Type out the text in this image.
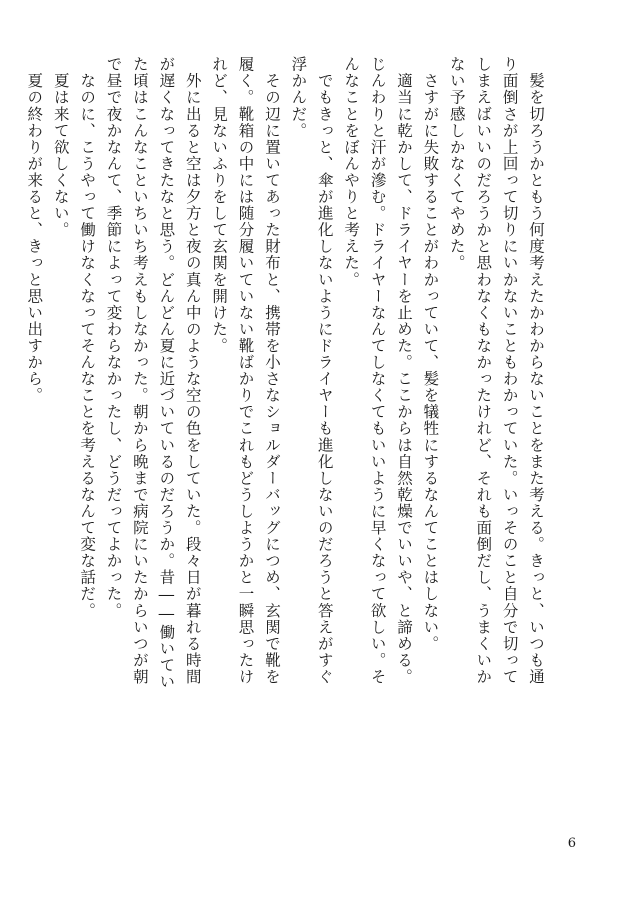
　髪を切ろうかともう何度考えたかわからないことをまた考える。きっと、いつも通り面倒さが上回って切りにいかないこともわかっていた。いっそのこと自分で切ってしまえばいいのだろうかと思わなくもなかったけれど、それも面倒だし、うまくいかない予感しかなくてやめた。

　さすがに失敗することがわかっていて、髪を犠牲にするなんてことはしない。

　適当に乾かして、ドライヤーを止めた。ここからは自然乾燥でいいや、と諦める。じんわりと汗が滲む。ドライヤーなんてしなくてもいいように早くなって欲しい。そんなことをぼんやりと考えた。

　でもきっと、傘が進化しないようにドライヤーも進化しないのだろうと答えがすぐ浮かんだ。

　その辺に置いてあった財布と、携帯を小さなショルダーバッグにつめ、玄関で靴を履く。靴箱の中には随分履いていない靴ばかりでこれもどうしようかと一瞬思ったけれど、見ないふりをして玄関を開けた。

　外に出ると空は夕方と夜の真ん中のような空の色をしていた。段々日が暮れる時間が遅くなってきたなと思う。どんどん夏に近づいているのだろうか。昔――働いていた頃はこんなこといちいち考えもしなかった。朝から晩まで病院にいたからいつが朝で昼で夜かなんて、季節によって変わらなかったし、どうだってよかった。

　なのに、こうやって働けなくなってそんなことを考えるなんて変な話だ。

　夏は来て欲しくない。

　夏の終わりが来ると、きっと思い出すから。

6
